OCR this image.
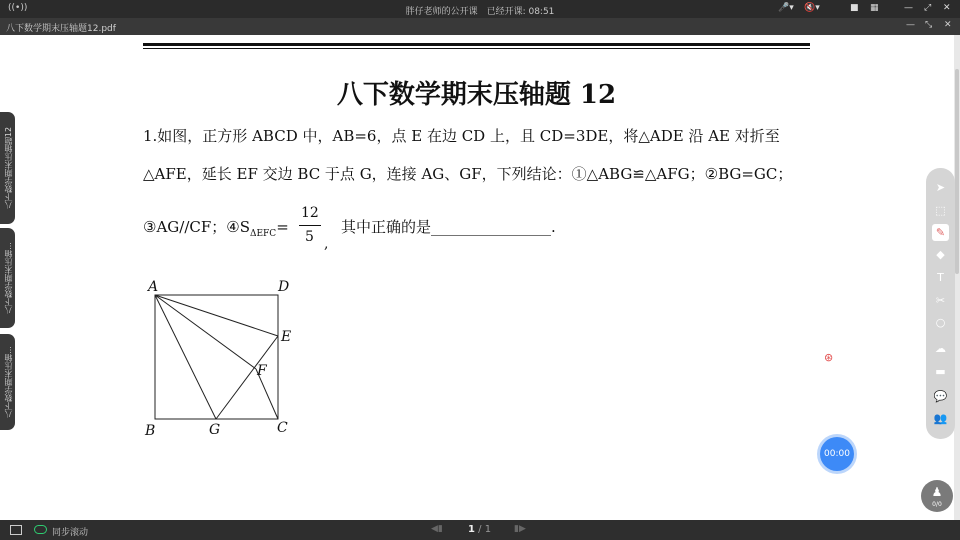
((•))	胖仔老师的公开课　已经开课: 08:51	🎤▾ 🔇▾	■ ▦	— ⤢ ✕
八下数学期末压轴题12.pdf	— ⤡ ✕
八下数学期末压轴题 12
1.如图，正方形 ABCD 中，AB=6，点 E 在边 CD 上，且 CD=3DE，将△ADE 沿 AE 对折至
△AFE，延长 EF 交边 BC 于点 G，连接 AG、GF，下列结论：①△ABG≌△AFG；②BG=GC；
③AG//CF；$④S_{\Delta EFC}=$
12
5 ,
其中正确的是________________.
A	D
E
F
B	G	C
八下数学期末压轴题12
八下数学期末压轴...
八下数学期末压轴...
➤
⬚
✎
◆
T
✂
○
☁
▬
💬
👥
⊛
00:00
♟
0/0
同步滚动	◀▮	1 / 1	▮▶
